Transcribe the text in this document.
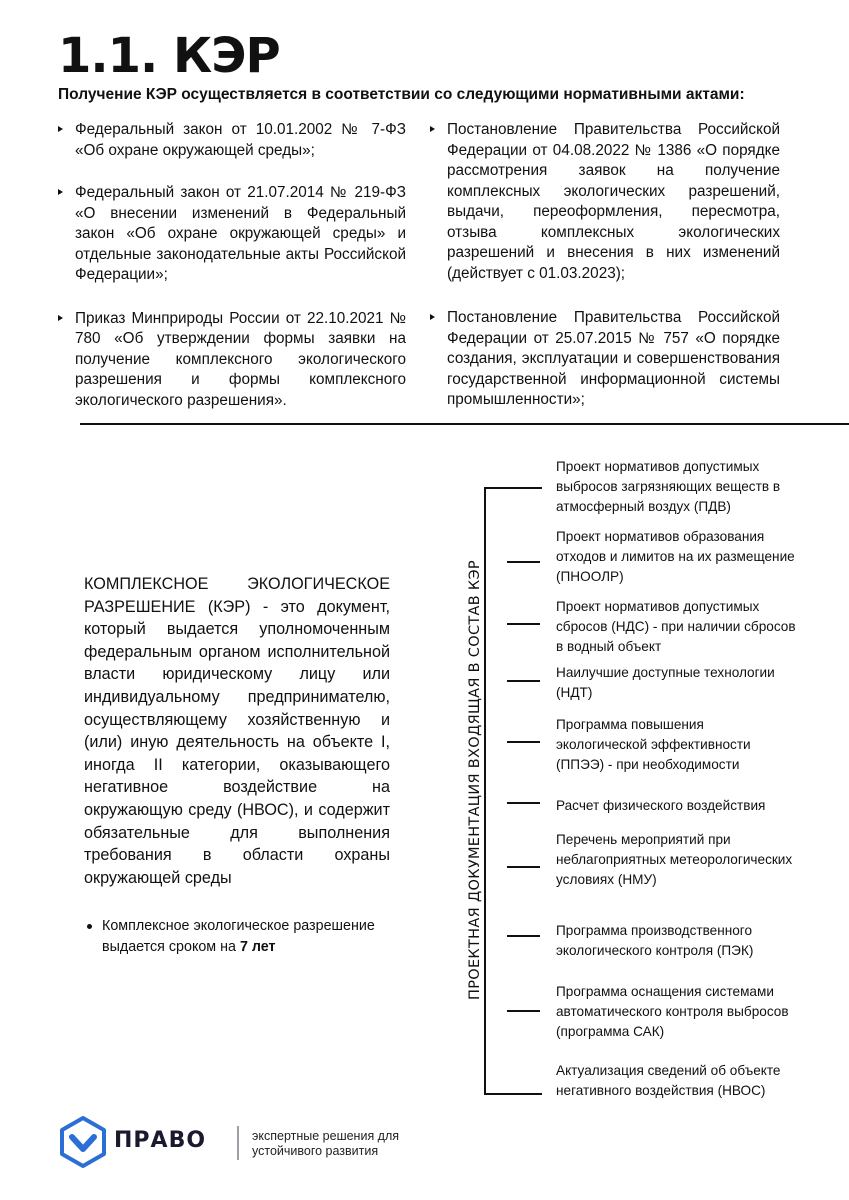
1.1. КЭР

Получение КЭР осуществляется в соответствии со следующими нормативными актами:

Федеральный закон от 10.01.2002 № 7-ФЗ «Об охране окружающей среды»;
Федеральный закон от 21.07.2014 № 219-ФЗ «О внесении изменений в Федеральный закон «Об охране окружающей среды» и отдельные законодательные акты Российской Федерации»;
Приказ Минприроды России от 22.10.2021 № 780 «Об утверждении формы заявки на получение комплексного экологического разрешения и формы комплексного экологического разрешения».
Постановление Правительства Российской Федерации от 04.08.2022 № 1386 «О порядке рассмотрения заявок на получение комплексных экологических разрешений, выдачи, переоформления, пересмотра, отзыва комплексных экологических разрешений и внесения в них изменений (действует с 01.03.2023);
Постановление Правительства Российской Федерации от 25.07.2015 № 757 «О порядке создания, эксплуатации и совершенствования государственной информационной системы промышленности»;

КОМПЛЕКСНОЕ ЭКОЛОГИЧЕСКОЕ РАЗРЕШЕНИЕ (КЭР) - это документ, который выдается уполномоченным федеральным органом исполнительной власти юридическому лицу или индивидуальному предпринимателю, осуществляющему хозяйственную и (или) иную деятельность на объекте I, иногда II категории, оказывающего негативное воздействие на окружающую среду (НВОС), и содержит обязательные для выполнения требования в области охраны окружающей среды

Комплексное экологическое разрешение выдается сроком на 7 лет	ПРОЕКТНАЯ ДОКУМЕНТАЦИЯ ВХОДЯЩАЯ В СОСТАВ КЭР
Проект нормативов допустимых выбросов загрязняющих веществ в атмосферный воздух (ПДВ)
Проект нормативов образования отходов и лимитов на их размещение (ПНООЛР)
Проект нормативов допустимых сбросов (НДС) - при наличии сбросов в водный объект
Наилучшие доступные технологии (НДТ)
Программа повышения экологической эффективности (ППЭЭ) - при необходимости
Расчет физического воздействия
Перечень мероприятий при неблагоприятных метеорологических условиях (НМУ)
Программа производственного экологического контроля (ПЭК)
Программа оснащения системами автоматического контроля выбросов (программа САК)
Актуализация сведений об объекте негативного воздействия (НВОС)
ПРАВО	экспертные решения для
устойчивого развития
